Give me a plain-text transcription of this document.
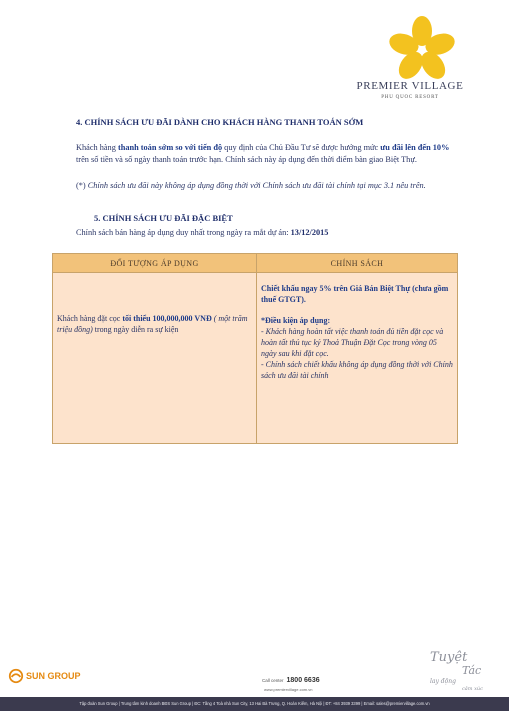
PREMIER VILLAGE
PHU QUOC RESORT
4. CHÍNH SÁCH ƯU ĐÃI DÀNH CHO KHÁCH HÀNG THANH TOÁN SỚM
Khách hàng thanh toán sớm so với tiến độ quy định của Chủ Đầu Tư sẽ được hưởng mức ưu đãi lên đến 10% trên số tiền và số ngày thanh toán trước hạn. Chính sách này áp dụng đến thời điểm bàn giao Biệt Thự.
(*) Chính sách ưu đãi này không áp dụng đồng thời với Chính sách ưu đãi tài chính tại mục 3.1 nêu trên.
5. CHÍNH SÁCH ƯU ĐÃI ĐẶC BIỆT
Chính sách bán hàng áp dụng duy nhất trong ngày ra mắt dự án: 13/12/2015
ĐỐI TƯỢNG ÁP DỤNG	CHÍNH SÁCH

Khách hàng đặt cọc tối thiểu 100,000,000 VNĐ ( một trăm triệu đồng) trong ngày diễn ra sự kiện	Chiết khấu ngay 5% trên Giá Bán Biệt Thự (chưa gồm thuế GTGT).
*Điều kiện áp dụng:
- Khách hàng hoàn tất việc thanh toán đủ tiền đặt cọc và hoàn tất thủ tục ký Thoả Thuận Đặt Cọc trong vòng 05 ngày sau khi đặt cọc.
- Chính sách chiết khấu không áp dụng đồng thời với Chính sách ưu đãi tài chính
SUN GROUP	Call center 1800 6636
www.premiervillage.com.vn
Tuyệt
Tác
lay động
cảm xúc
Tập đoàn Sun Group | Trung tâm kinh doanh BĐS Sun Group | ĐC: Tầng 4 Toà nhà Sun City, 13 Hai Bà Trưng, Q. Hoàn Kiếm, Hà Nội | ĐT: +84 3939 3399 | Email: sales@premiervillage.com.vn
